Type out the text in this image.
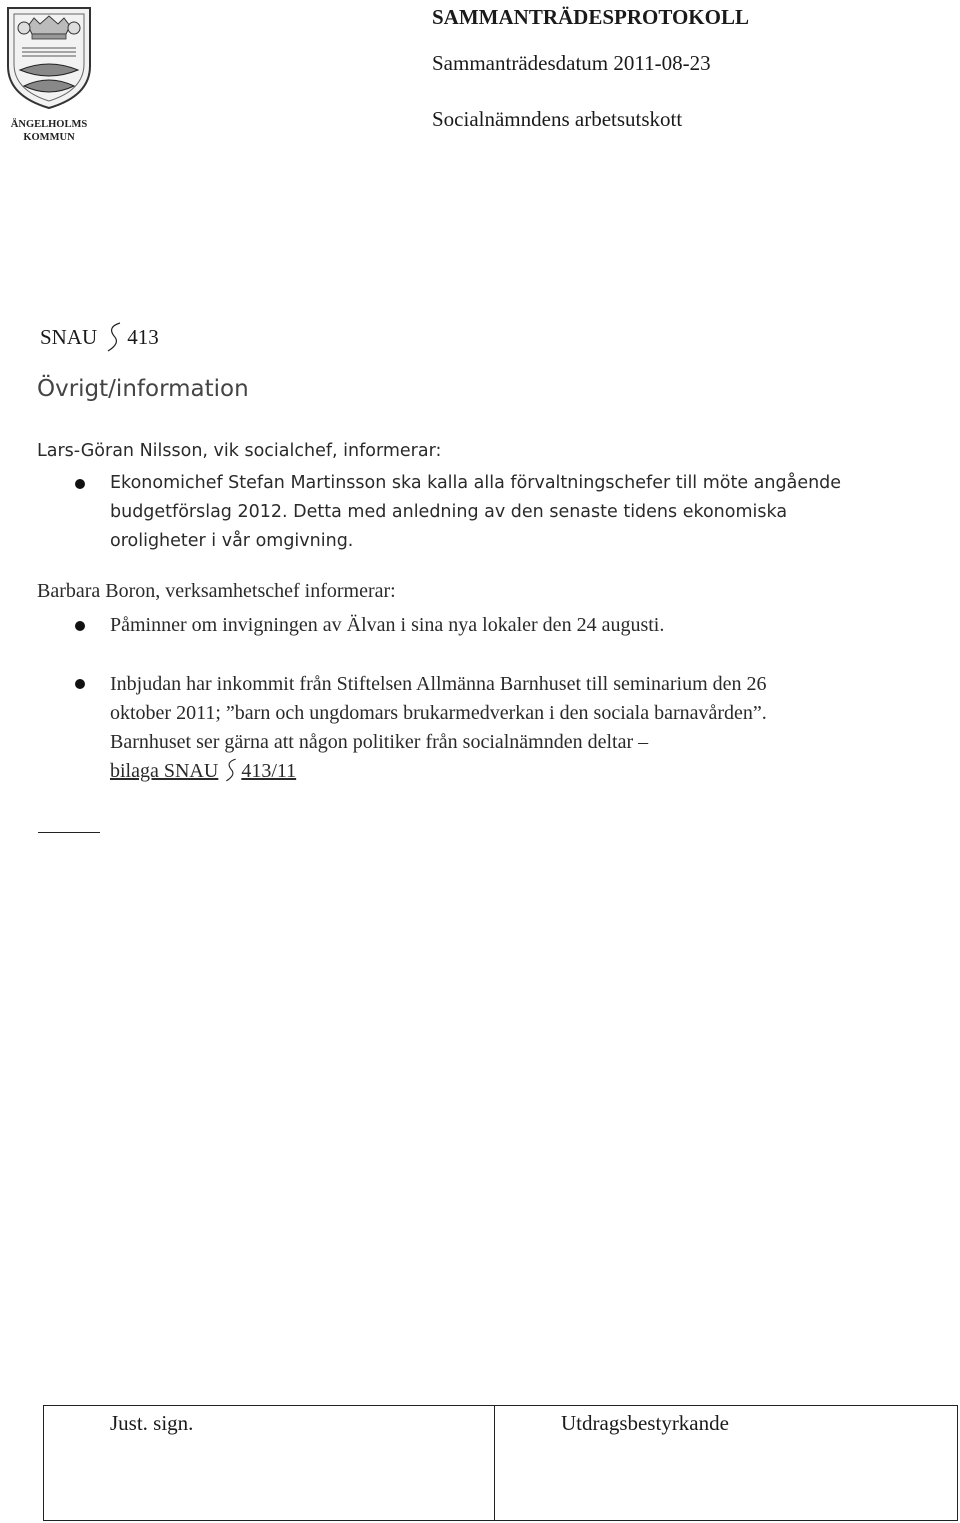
ÄNGELHOLMS
KOMMUN
SAMMANTRÄDESPROTOKOLL
Sammanträdesdatum 2011-08-23
Socialnämndens arbetsutskott
SNAU 413
Övrigt/information
Lars-Göran Nilsson, vik socialchef, informerar:
Ekonomichef Stefan Martinsson ska kalla alla förvaltningschefer till möte angående
budgetförslag 2012. Detta med anledning av den senaste tidens ekonomiska
oroligheter i vår omgivning.
Barbara Boron, verksamhetschef informerar:
Påminner om invigningen av Älvan i sina nya lokaler den 24 augusti.
Inbjudan har inkommit från Stiftelsen Allmänna Barnhuset till seminarium den 26
oktober 2011; ”barn och ungdomars brukarmedverkan i den sociala barnavården”.
Barnhuset ser gärna att någon politiker från socialnämnden deltar –
bilaga SNAU 413/11
Just. sign.	Utdragsbestyrkande
